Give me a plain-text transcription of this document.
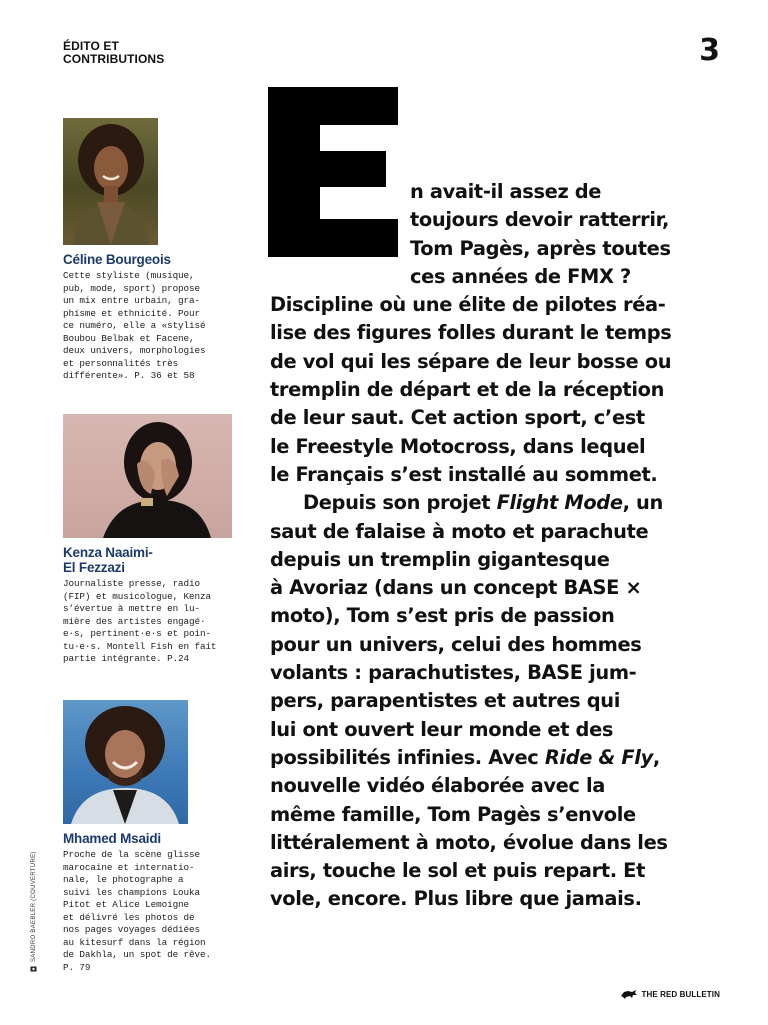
ÉDITO ET
CONTRIBUTIONS	3
Céline Bourgeois
Cette styliste (musique,
pub, mode, sport) propose
un mix entre urbain, gra-
phisme et ethnicité. Pour
ce numéro, elle a «stylisé
Boubou Belbak et Facene,
deux univers, morphologies
et personnalités très
différente». P. 36 et 58
Kenza Naaimi-
El Fezzazi
Journaliste presse, radio
(FIP) et musicologue, Kenza
s’évertue à mettre en lu-
mière des artistes engagé·
e·s, pertinent·e·s et poin-
tu·e·s. Montell Fish en fait
partie intégrante. P.24
Mhamed Msaidi
Proche de la scène glisse
marocaine et internatio-
nale, le photographe a
suivi les champions Louka
Pitot et Alice Lemoigne
et délivré les photos de
nos pages voyages dédiées
au kitesurf dans la région
de Dakhla, un spot de rêve.
P. 79
SANDRO BAEBLER (COUVERTURE)
n avait-il assez de
toujours devoir ratterrir,
Tom Pagès, après toutes
ces années de FMX ?
Discipline où une élite de pilotes réa-
lise des figures folles durant le temps
de vol qui les sépare de leur bosse ou
tremplin de départ et de la réception
de leur saut. Cet action sport, c’est
le Freestyle Motocross, dans lequel
le Français s’est installé au sommet.
Depuis son projet Flight Mode, un
saut de falaise à moto et parachute
depuis un tremplin gigantesque
à Avoriaz (dans un concept BASE ×
moto), Tom s’est pris de passion
pour un univers, celui des hommes
volants : parachutistes, BASE jum-
pers, parapentistes et autres qui
lui ont ouvert leur monde et des
possibilités infinies. Avec Ride & Fly,
nouvelle vidéo élaborée avec la
même famille, Tom Pagès s’envole
littéralement à moto, évolue dans les
airs, touche le sol et puis repart. Et
vole, encore. Plus libre que jamais.
THE RED BULLETIN
